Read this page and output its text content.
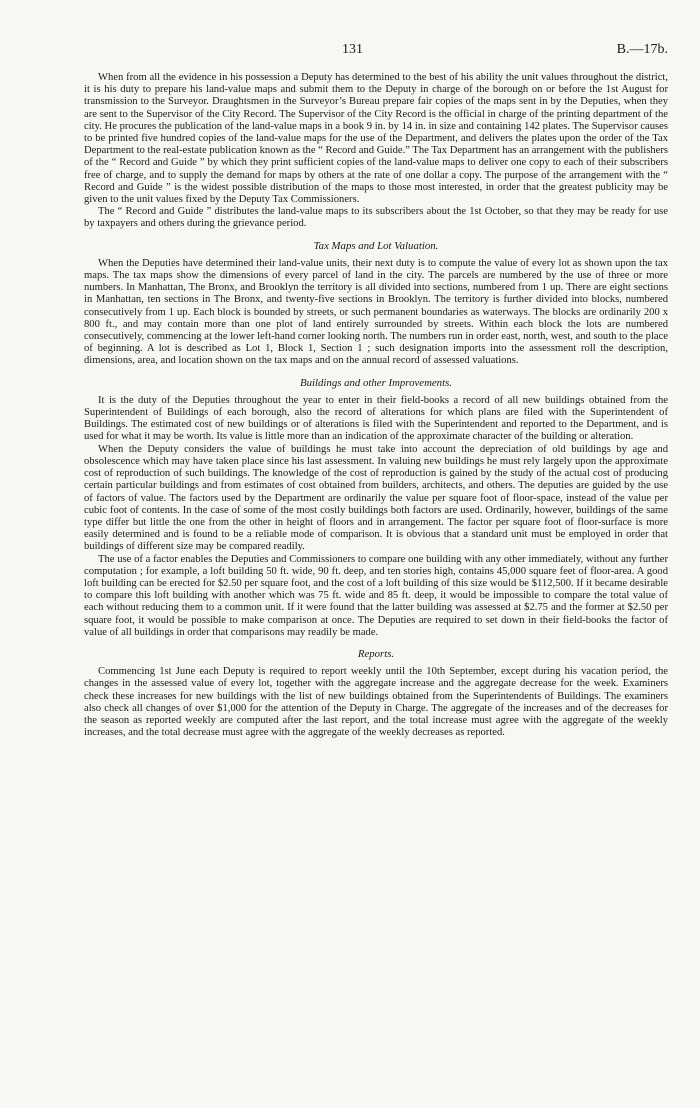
131	B.—17b.

When from all the evidence in his possession a Deputy has determined to the best of his ability the unit values throughout the district, it is his duty to prepare his land-value maps and submit them to the Deputy in charge of the borough on or before the 1st August for transmission to the Surveyor. Draughtsmen in the Surveyor’s Bureau prepare fair copies of the maps sent in by the Deputies, when they are sent to the Supervisor of the City Record. The Supervisor of the City Record is the official in charge of the printing department of the city. He procures the publication of the land-value maps in a book 9 in. by 14 in. in size and containing 142 plates. The Supervisor causes to be printed five hundred copies of the land-value maps for the use of the Department, and delivers the plates upon the order of the Tax Department to the real-estate publication known as the “ Record and Guide.” The Tax Department has an arrangement with the publishers of the “ Record and Guide ” by which they print sufficient copies of the land-value maps to deliver one copy to each of their subscribers free of charge, and to supply the demand for maps by others at the rate of one dollar a copy. The purpose of the arrangement with the “ Record and Guide ” is the widest possible distribution of the maps to those most interested, in order that the greatest publicity may be given to the unit values fixed by the Deputy Tax Commissioners.

The “ Record and Guide ” distributes the land-value maps to its subscribers about the 1st October, so that they may be ready for use by taxpayers and others during the grievance period.

Tax Maps and Lot Valuation.

When the Deputies have determined their land-value units, their next duty is to compute the value of every lot as shown upon the tax maps. The tax maps show the dimensions of every parcel of land in the city. The parcels are numbered by the use of three or more numbers. In Manhattan, The Bronx, and Brooklyn the territory is all divided into sections, numbered from 1 up. There are eight sections in Manhattan, ten sections in The Bronx, and twenty-five sections in Brooklyn. The territory is further divided into blocks, numbered consecutively from 1 up. Each block is bounded by streets, or such permanent boundaries as waterways. The blocks are ordinarily 200 x 800 ft., and may contain more than one plot of land entirely surrounded by streets. Within each block the lots are numbered consecutively, commencing at the lower left-hand corner looking north. The numbers run in order east, north, west, and south to the place of beginning. A lot is described as Lot 1, Block 1, Section 1 ; such designation imports into the assessment roll the description, dimensions, area, and location shown on the tax maps and on the annual record of assessed valuations.

Buildings and other Improvements.

It is the duty of the Deputies throughout the year to enter in their field-books a record of all new buildings obtained from the Superintendent of Buildings of each borough, also the record of alterations for which plans are filed with the Superintendent of Buildings. The estimated cost of new buildings or of alterations is filed with the Superintendent and reported to the Department, and is used for what it may be worth. Its value is little more than an indication of the approximate character of the building or alteration.

When the Deputy considers the value of buildings he must take into account the depreciation of old buildings by age and obsolescence which may have taken place since his last assessment. In valuing new buildings he must rely largely upon the approximate cost of reproduction of such buildings. The knowledge of the cost of reproduction is gained by the study of the actual cost of producing certain particular buildings and from estimates of cost obtained from builders, architects, and others. The deputies are guided by the use of factors of value. The factors used by the Department are ordinarily the value per square foot of floor-space, instead of the value per cubic foot of contents. In the case of some of the most costly buildings both factors are used. Ordinarily, however, buildings of the same type differ but little the one from the other in height of floors and in arrangement. The factor per square foot of floor-surface is more easily determined and is found to be a reliable mode of comparison. It is obvious that a standard unit must be employed in order that buildings of different size may be compared readily.

The use of a factor enables the Deputies and Commissioners to compare one building with any other immediately, without any further computation ; for example, a loft building 50 ft. wide, 90 ft. deep, and ten stories high, contains 45,000 square feet of floor-area. A good loft building can be erected for $2.50 per square foot, and the cost of a loft building of this size would be $112,500. If it became desirable to compare this loft building with another which was 75 ft. wide and 85 ft. deep, it would be impossible to compare the total value of each without reducing them to a common unit. If it were found that the latter building was assessed at $2.75 and the former at $2.50 per square foot, it would be possible to make comparison at once. The Deputies are required to set down in their field-books the factor of value of all buildings in order that comparisons may readily be made.

Reports.

Commencing 1st June each Deputy is required to report weekly until the 10th September, except during his vacation period, the changes in the assessed value of every lot, together with the aggregate increase and the aggregate decrease for the week. Examiners check these increases for new buildings with the list of new buildings obtained from the Superintendents of Buildings. The examiners also check all changes of over $1,000 for the attention of the Deputy in Charge. The aggregate of the increases and of the decreases for the season as reported weekly are computed after the last report, and the total increase must agree with the aggregate of the weekly increases, and the total decrease must agree with the aggregate of the weekly decreases as reported.
